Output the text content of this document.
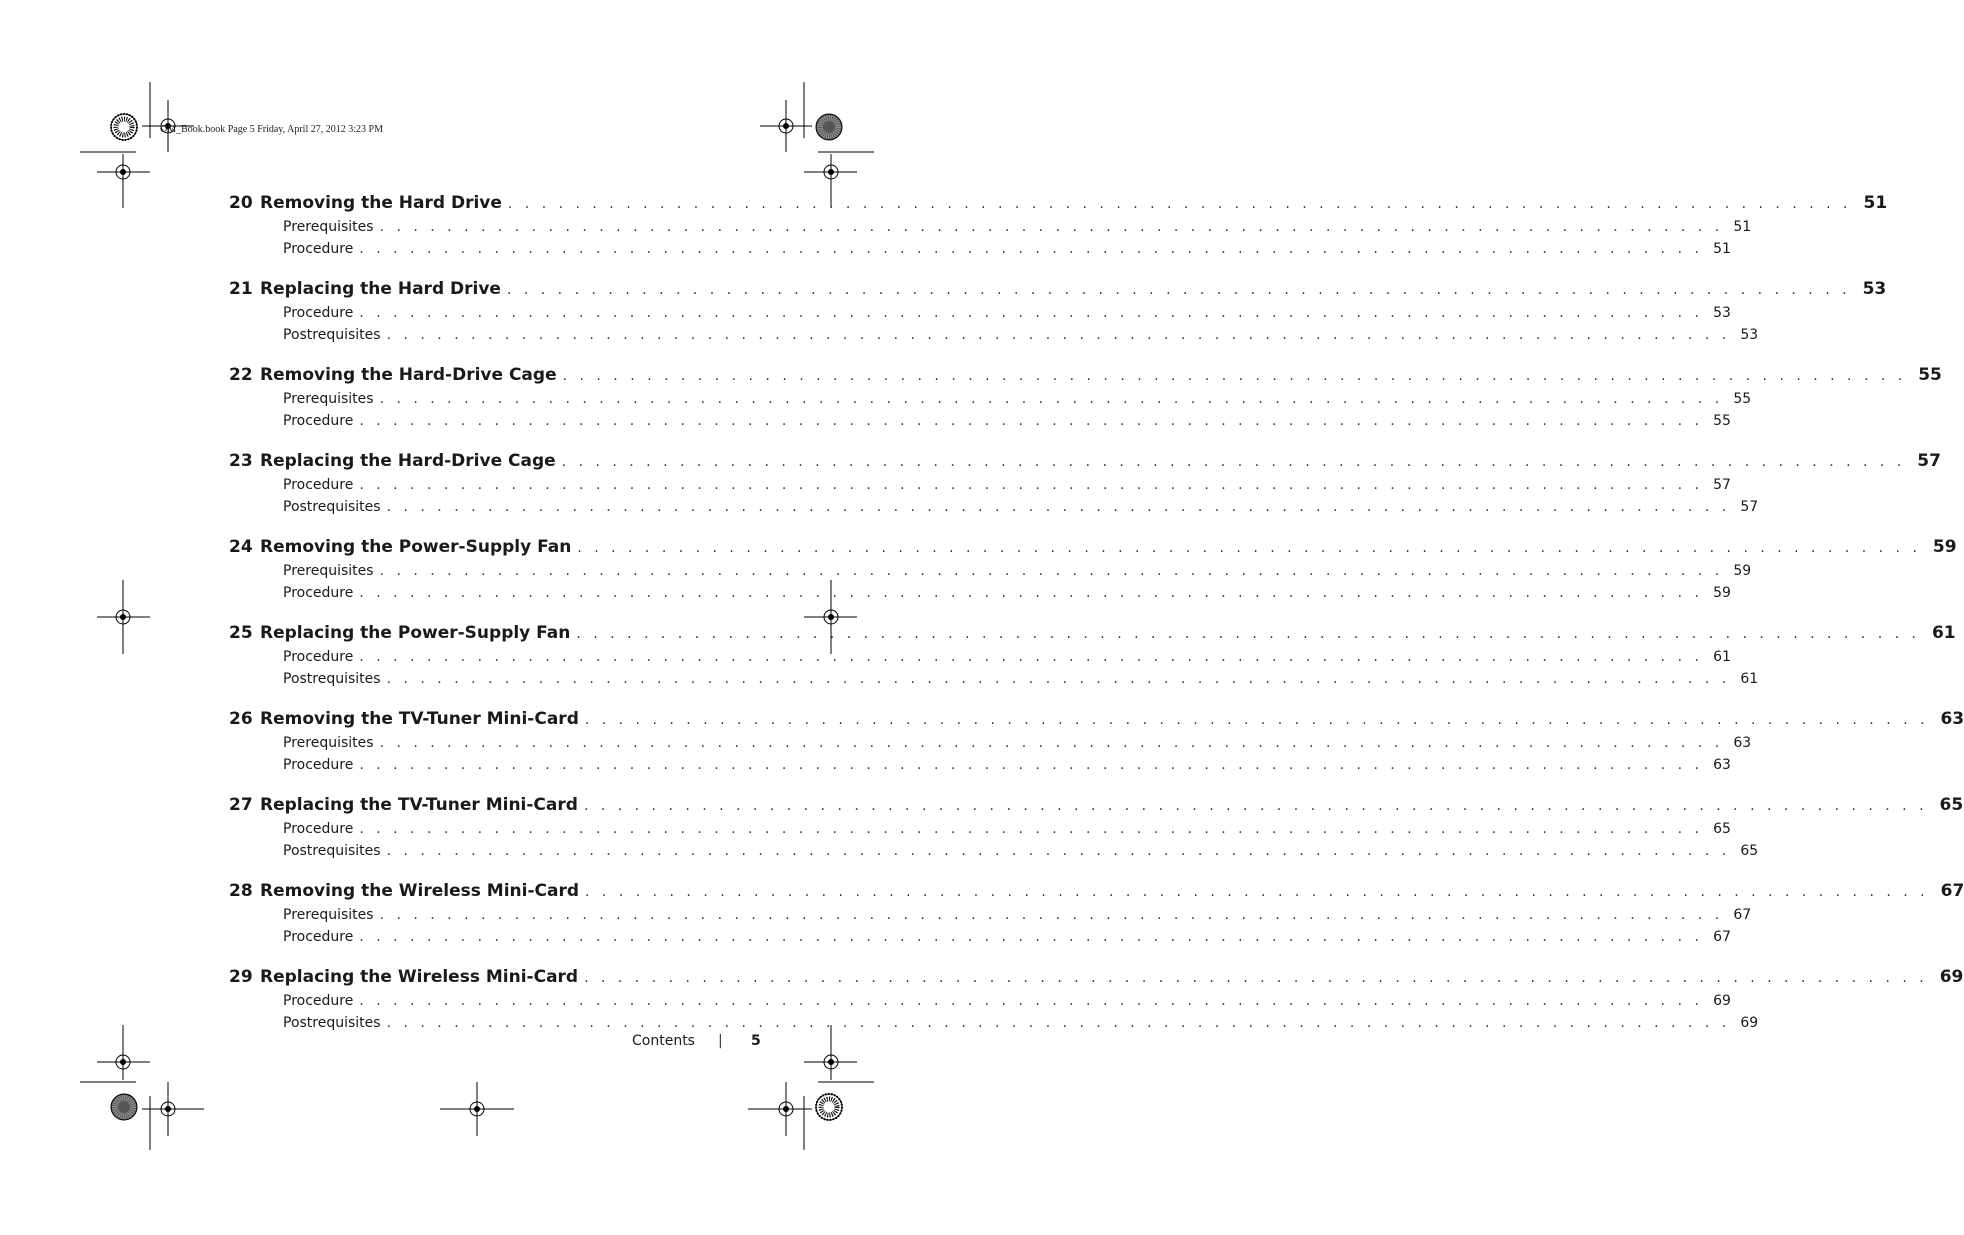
OM_Book.book Page 5 Friday, April 27, 2012 3:23 PM
20 Removing the Hard Drive . . . . . . . . . . . . . . . . . . . . . . . . . . . . . . . . . . . . . . . . . . . . . . . . . . . . . . . . . . . . . . . . . . . . . . . . . . . . . . . . 51
Prerequisites . . . . . . . . . . . . . . . . . . . . . . . . . . . . . . . . . . . . . . . . . . . . . . . . . . . . . . . . . . . . . . . . . . . . . . . . . . . . . . . . 51
Procedure . . . . . . . . . . . . . . . . . . . . . . . . . . . . . . . . . . . . . . . . . . . . . . . . . . . . . . . . . . . . . . . . . . . . . . . . . . . . . . . . 51
21 Replacing the Hard Drive . . . . . . . . . . . . . . . . . . . . . . . . . . . . . . . . . . . . . . . . . . . . . . . . . . . . . . . . . . . . . . . . . . . . . . . . . . . . . . . . 53
Procedure . . . . . . . . . . . . . . . . . . . . . . . . . . . . . . . . . . . . . . . . . . . . . . . . . . . . . . . . . . . . . . . . . . . . . . . . . . . . . . . . 53
Postrequisites . . . . . . . . . . . . . . . . . . . . . . . . . . . . . . . . . . . . . . . . . . . . . . . . . . . . . . . . . . . . . . . . . . . . . . . . . . . . . . . . 53
22 Removing the Hard-Drive Cage . . . . . . . . . . . . . . . . . . . . . . . . . . . . . . . . . . . . . . . . . . . . . . . . . . . . . . . . . . . . . . . . . . . . . . . . . . . . . . . . 55
Prerequisites . . . . . . . . . . . . . . . . . . . . . . . . . . . . . . . . . . . . . . . . . . . . . . . . . . . . . . . . . . . . . . . . . . . . . . . . . . . . . . . . 55
Procedure . . . . . . . . . . . . . . . . . . . . . . . . . . . . . . . . . . . . . . . . . . . . . . . . . . . . . . . . . . . . . . . . . . . . . . . . . . . . . . . . 55
23 Replacing the Hard-Drive Cage . . . . . . . . . . . . . . . . . . . . . . . . . . . . . . . . . . . . . . . . . . . . . . . . . . . . . . . . . . . . . . . . . . . . . . . . . . . . . . . . 57
Procedure . . . . . . . . . . . . . . . . . . . . . . . . . . . . . . . . . . . . . . . . . . . . . . . . . . . . . . . . . . . . . . . . . . . . . . . . . . . . . . . . 57
Postrequisites . . . . . . . . . . . . . . . . . . . . . . . . . . . . . . . . . . . . . . . . . . . . . . . . . . . . . . . . . . . . . . . . . . . . . . . . . . . . . . . . 57
24 Removing the Power-Supply Fan . . . . . . . . . . . . . . . . . . . . . . . . . . . . . . . . . . . . . . . . . . . . . . . . . . . . . . . . . . . . . . . . . . . . . . . . . . . . . . . . 59
Prerequisites . . . . . . . . . . . . . . . . . . . . . . . . . . . . . . . . . . . . . . . . . . . . . . . . . . . . . . . . . . . . . . . . . . . . . . . . . . . . . . . . 59
Procedure . . . . . . . . . . . . . . . . . . . . . . . . . . . . . . . . . . . . . . . . . . . . . . . . . . . . . . . . . . . . . . . . . . . . . . . . . . . . . . . . 59
25 Replacing the Power-Supply Fan . . . . . . . . . . . . . . . . . . . . . . . . . . . . . . . . . . . . . . . . . . . . . . . . . . . . . . . . . . . . . . . . . . . . . . . . . . . . . . . . 61
Procedure . . . . . . . . . . . . . . . . . . . . . . . . . . . . . . . . . . . . . . . . . . . . . . . . . . . . . . . . . . . . . . . . . . . . . . . . . . . . . . . . 61
Postrequisites . . . . . . . . . . . . . . . . . . . . . . . . . . . . . . . . . . . . . . . . . . . . . . . . . . . . . . . . . . . . . . . . . . . . . . . . . . . . . . . . 61
26 Removing the TV-Tuner Mini-Card . . . . . . . . . . . . . . . . . . . . . . . . . . . . . . . . . . . . . . . . . . . . . . . . . . . . . . . . . . . . . . . . . . . . . . . . . . . . . . . . 63
Prerequisites . . . . . . . . . . . . . . . . . . . . . . . . . . . . . . . . . . . . . . . . . . . . . . . . . . . . . . . . . . . . . . . . . . . . . . . . . . . . . . . . 63
Procedure . . . . . . . . . . . . . . . . . . . . . . . . . . . . . . . . . . . . . . . . . . . . . . . . . . . . . . . . . . . . . . . . . . . . . . . . . . . . . . . . 63
27 Replacing the TV-Tuner Mini-Card . . . . . . . . . . . . . . . . . . . . . . . . . . . . . . . . . . . . . . . . . . . . . . . . . . . . . . . . . . . . . . . . . . . . . . . . . . . . . . . . 65
Procedure . . . . . . . . . . . . . . . . . . . . . . . . . . . . . . . . . . . . . . . . . . . . . . . . . . . . . . . . . . . . . . . . . . . . . . . . . . . . . . . . 65
Postrequisites . . . . . . . . . . . . . . . . . . . . . . . . . . . . . . . . . . . . . . . . . . . . . . . . . . . . . . . . . . . . . . . . . . . . . . . . . . . . . . . . 65
28 Removing the Wireless Mini-Card . . . . . . . . . . . . . . . . . . . . . . . . . . . . . . . . . . . . . . . . . . . . . . . . . . . . . . . . . . . . . . . . . . . . . . . . . . . . . . . . 67
Prerequisites . . . . . . . . . . . . . . . . . . . . . . . . . . . . . . . . . . . . . . . . . . . . . . . . . . . . . . . . . . . . . . . . . . . . . . . . . . . . . . . . 67
Procedure . . . . . . . . . . . . . . . . . . . . . . . . . . . . . . . . . . . . . . . . . . . . . . . . . . . . . . . . . . . . . . . . . . . . . . . . . . . . . . . . 67
29 Replacing the Wireless Mini-Card . . . . . . . . . . . . . . . . . . . . . . . . . . . . . . . . . . . . . . . . . . . . . . . . . . . . . . . . . . . . . . . . . . . . . . . . . . . . . . . . 69
Procedure . . . . . . . . . . . . . . . . . . . . . . . . . . . . . . . . . . . . . . . . . . . . . . . . . . . . . . . . . . . . . . . . . . . . . . . . . . . . . . . . 69
Postrequisites . . . . . . . . . . . . . . . . . . . . . . . . . . . . . . . . . . . . . . . . . . . . . . . . . . . . . . . . . . . . . . . . . . . . . . . . . . . . . . . . 69
Contents | 5
